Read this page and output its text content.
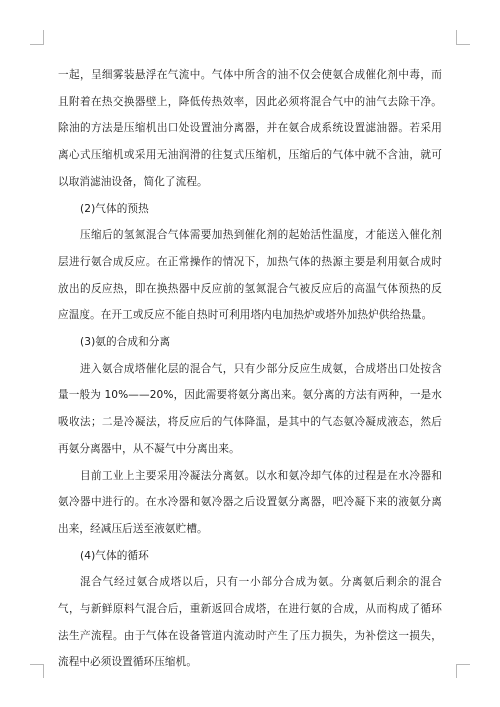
一起，呈细雾装悬浮在气流中。气体中所含的油不仅会使氨合成催化剂中毒，而且附着在热交换器壁上，降低传热效率，因此必须将混合气中的油气去除干净。除油的方法是压缩机出口处设置油分离器，并在氨合成系统设置滤油器。若采用离心式压缩机或采用无油润滑的往复式压缩机，压缩后的气体中就不含油，就可以取消滤油设备，简化了流程。

(2)气体的预热

压缩后的氢氮混合气体需要加热到催化剂的起始活性温度，才能送入催化剂层进行氨合成反应。在正常操作的情况下，加热气体的热源主要是利用氨合成时放出的反应热，即在换热器中反应前的氢氮混合气被反应后的高温气体预热的反应温度。在开工或反应不能自热时可利用塔内电加热炉或塔外加热炉供给热量。

(3)氨的合成和分离

进入氨合成塔催化层的混合气，只有少部分反应生成氨，合成塔出口处按含量一般为 10%——20%，因此需要将氨分离出来。氨分离的方法有两种，一是水吸收法；二是冷凝法，将反应后的气体降温，是其中的气态氨冷凝成液态，然后再氨分离器中，从不凝气中分离出来。

目前工业上主要采用冷凝法分离氨。以水和氨冷却气体的过程是在水冷器和氨冷器中进行的。在水冷器和氨冷器之后设置氨分离器，吧冷凝下来的液氨分离出来，经减压后送至液氨贮槽。

(4)气体的循环

混合气经过氨合成塔以后，只有一小部分合成为氨。分离氨后剩余的混合气，与新鲜原料气混合后，重新返回合成塔，在进行氨的合成，从而构成了循环法生产流程。由于气体在设备管道内流动时产生了压力损失，为补偿这一损失，流程中必须设置循环压缩机。
